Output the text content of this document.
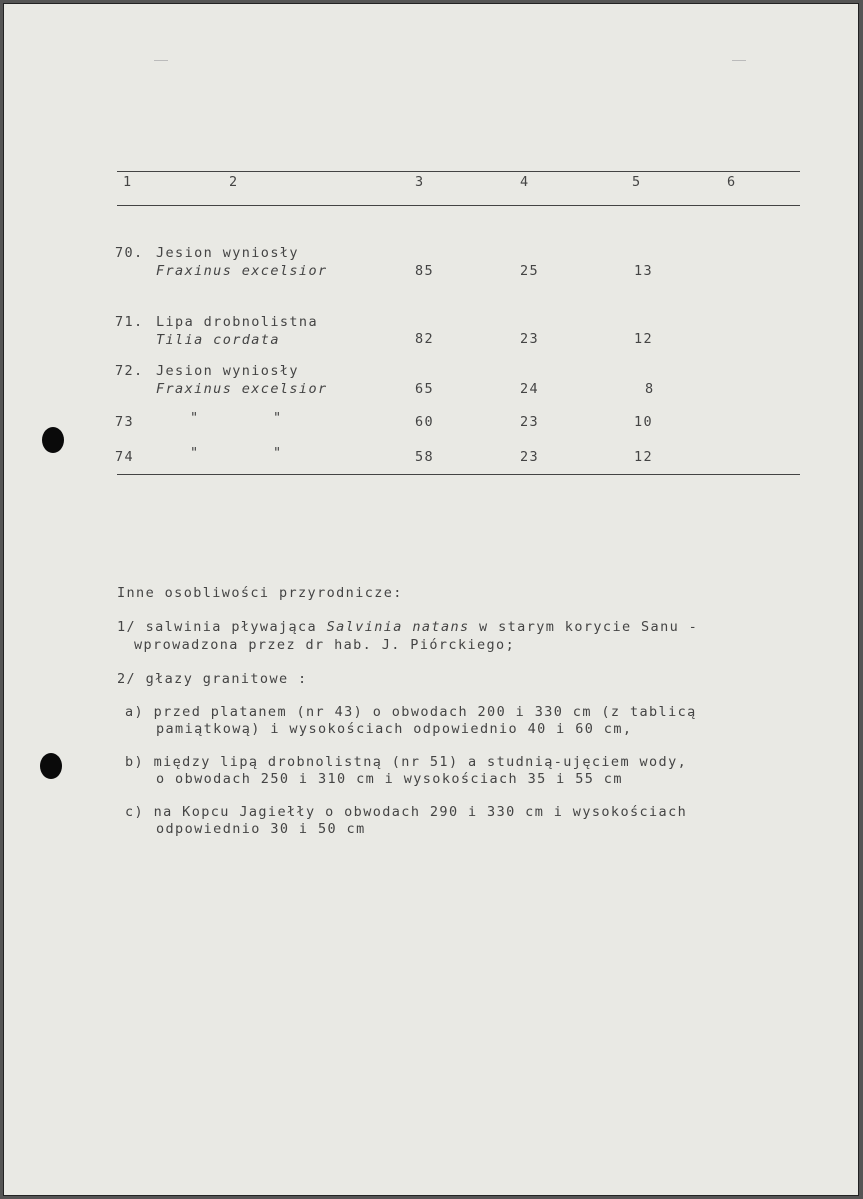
1	2	3	4	5	6
70. Jesion wyniosły
Fraxinus excelsior	85	25	13
71. Lipa drobnolistna
Tilia cordata	82	23	12
72. Jesion wyniosły
Fraxinus excelsior	65	24	8
73	"	"	60	23	10
74	"	"	58	23	12
Inne osobliwości przyrodnicze:
1/ salwinia pływająca Salvinia natans w starym korycie Sanu -
wprowadzona przez dr hab. J. Piórckiego;
2/ głazy granitowe :
a) przed platanem (nr 43) o obwodach 200 i 330 cm (z tablicą
pamiątkową) i wysokościach odpowiednio 40 i 60 cm,
b) między lipą drobnolistną (nr 51) a studnią-ujęciem wody,
o obwodach 250 i 310 cm i wysokościach 35 i 55 cm
c) na Kopcu Jagiełły o obwodach 290 i 330 cm i wysokościach
odpowiednio 30 i 50 cm
